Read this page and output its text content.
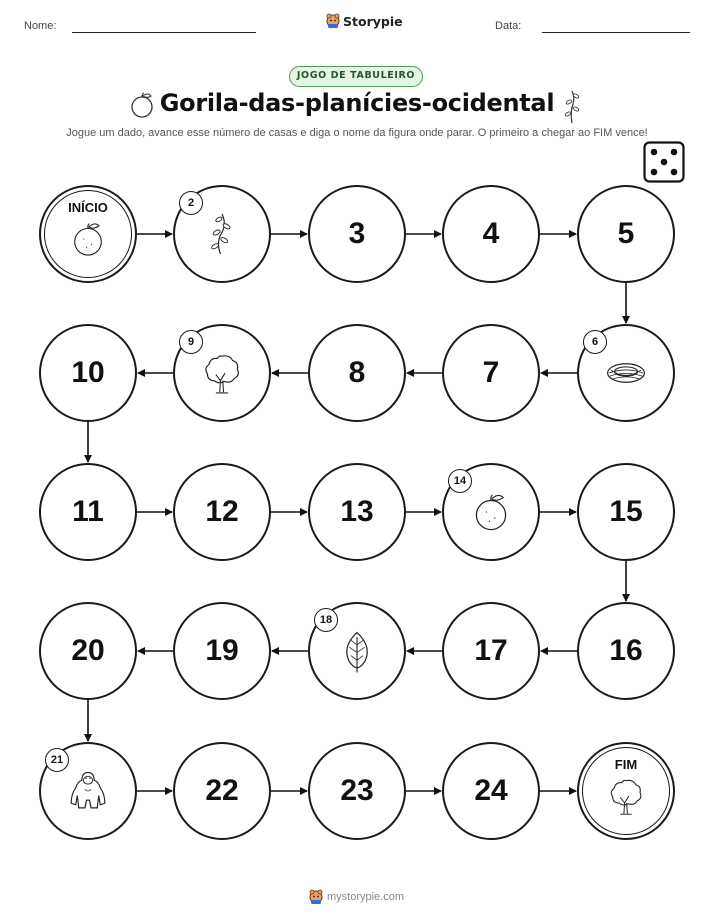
Nome:	Storypie	Data:
JOGO DE TABULEIRO
Gorila-das-planícies-ocidental
Jogue um dado, avance esse número de casas e diga o nome da figura onde parar. O primeiro a chegar ao FIM vence!
INÍCIO	2
3	4	5
6
7
8
9
10
11	12	13
14
15
16
17
18
19
20
21
22	23	24
FIM
mystorypie.com
